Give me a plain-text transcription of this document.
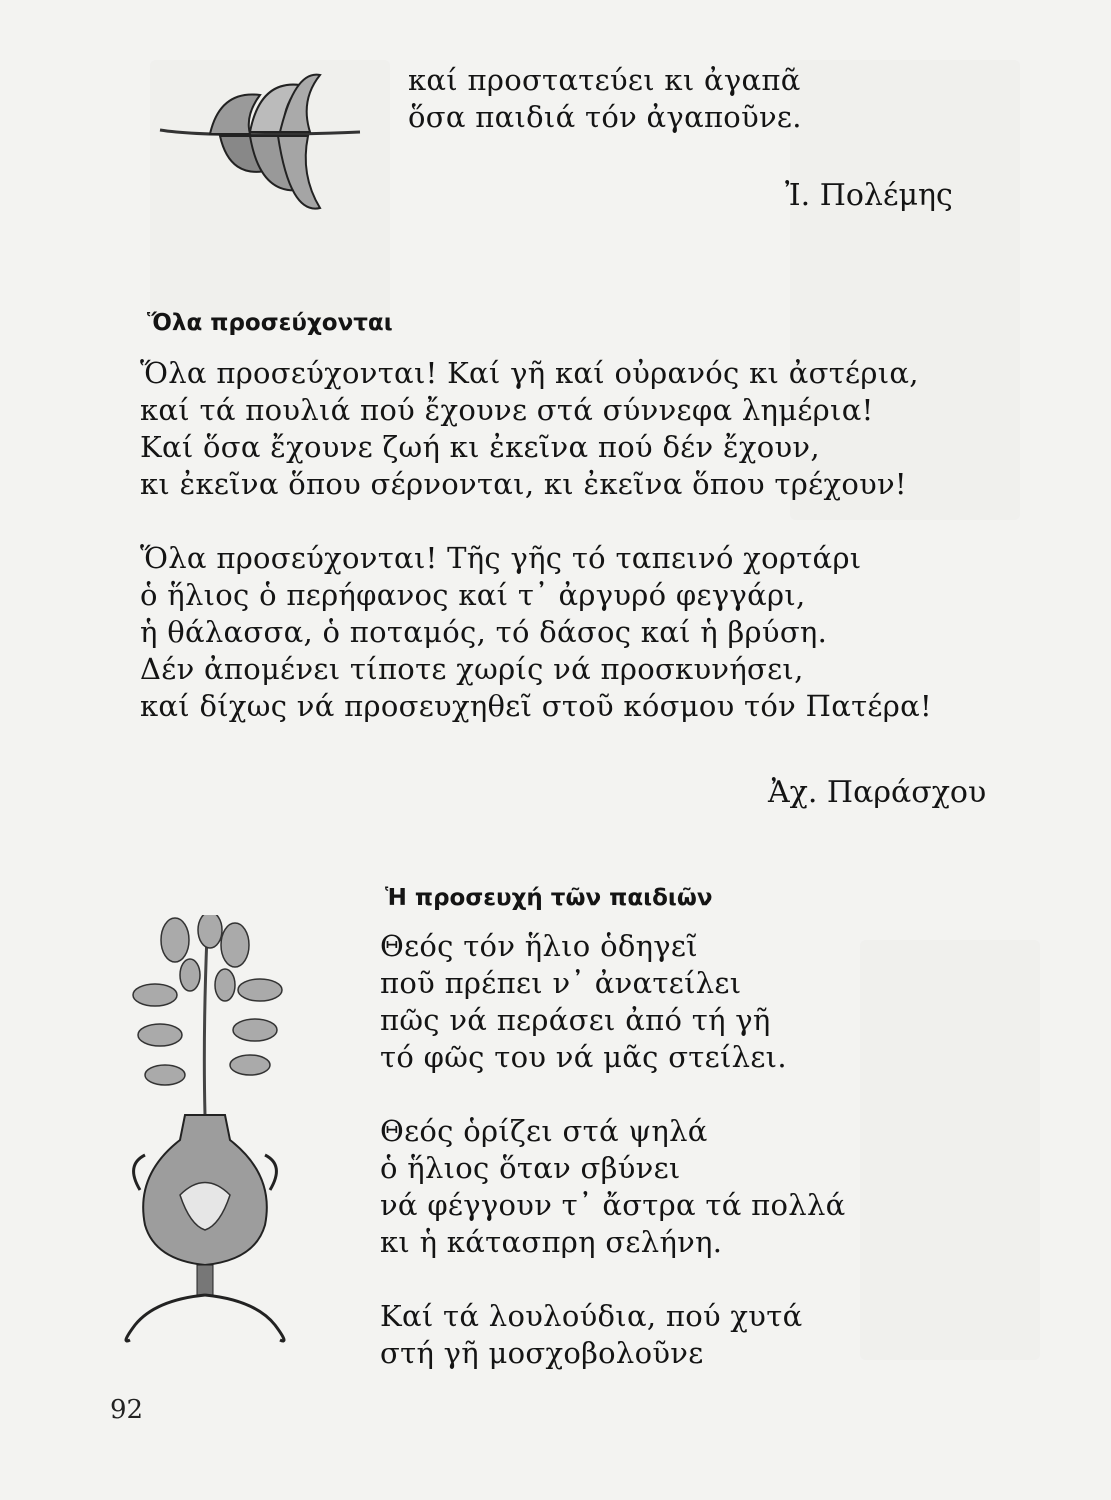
καί προστατεύει κι ἀγαπᾶ
ὅσα παιδιά τόν ἀγαποῦνε.
Ἰ. Πολέμης
Ὅλα προσεύχονται
Ὅλα προσεύχονται! Καί γῆ καί οὐρανός κι ἀστέρια,
καί τά πουλιά πού ἔχουνε στά σύννεφα λημέρια!
Καί ὅσα ἔχουνε ζωή κι ἐκεῖνα πού δέν ἔχουν,
κι ἐκεῖνα ὅπου σέρνονται, κι ἐκεῖνα ὅπου τρέχουν!
Ὅλα προσεύχονται! Τῆς γῆς τό ταπεινό χορτάρι
ὁ ἥλιος ὁ περήφανος καί τ᾽ ἀργυρό φεγγάρι,
ἡ θάλασσα, ὁ ποταμός, τό δάσος καί ἡ βρύση.
Δέν ἀπομένει τίποτε χωρίς νά προσκυνήσει,
καί δίχως νά προσευχηθεῖ στοῦ κόσμου τόν Πατέρα!
Ἀχ. Παράσχου
Ἡ προσευχή τῶν παιδιῶν
Θεός τόν ἥλιο ὁδηγεῖ
ποῦ πρέπει ν᾽ ἀνατείλει
πῶς νά περάσει ἀπό τή γῆ
τό φῶς του νά μᾶς στείλει.
Θεός ὁρίζει στά ψηλά
ὁ ἥλιος ὅταν σβύνει
νά φέγγουν τ᾽ ἄστρα τά πολλά
κι ἡ κάτασπρη σελήνη.
Καί τά λουλούδια, πού χυτά
στή γῆ μοσχοβολοῦνε
92
